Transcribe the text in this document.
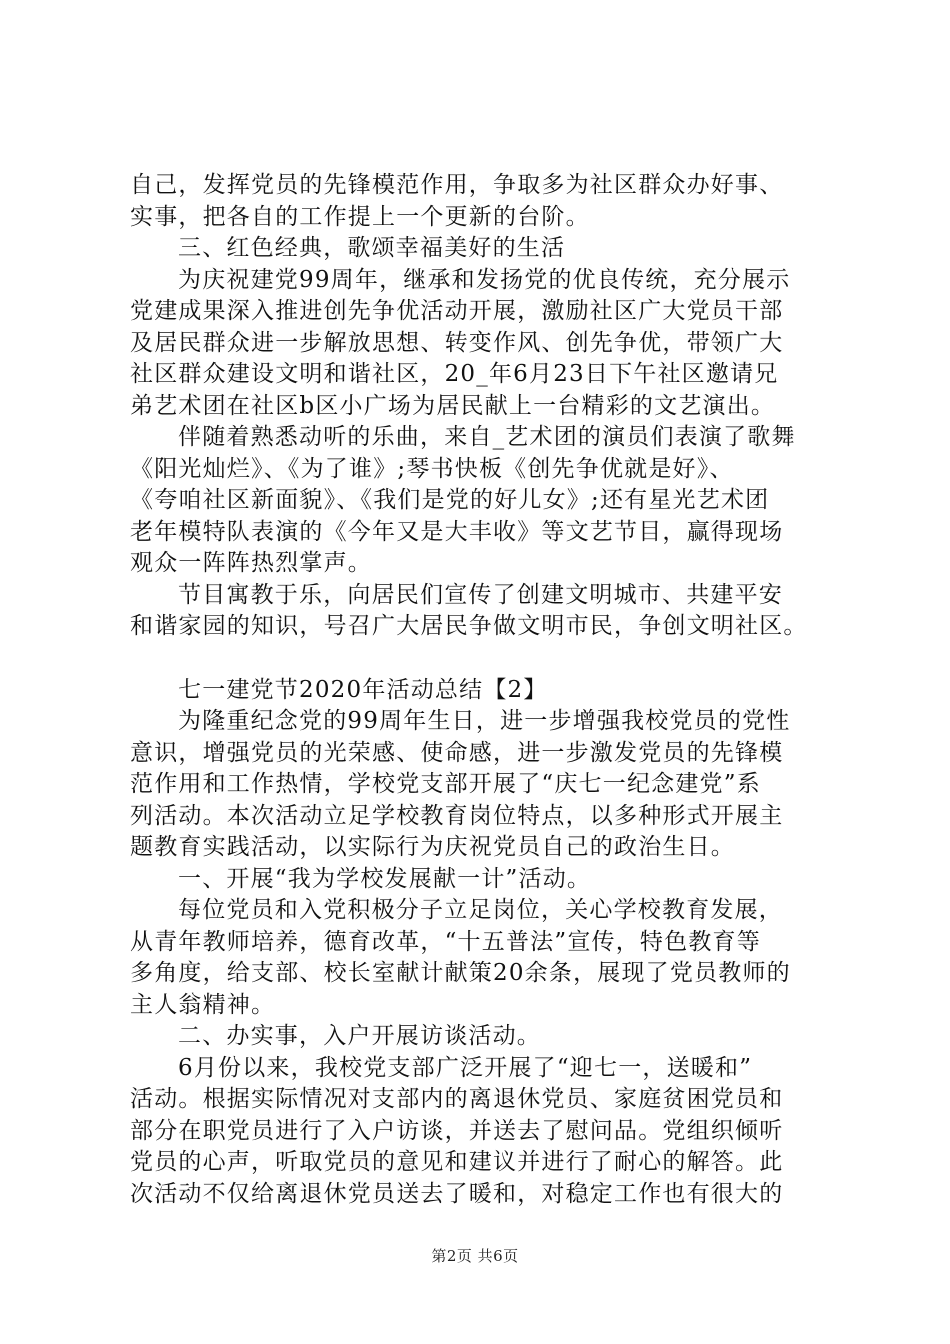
自己，发挥党员的先锋模范作用，争取多为社区群众办好事、
实事，把各自的工作提上一个更新的台阶。
三、红色经典，歌颂幸福美好的生活
为庆祝建党99周年，继承和发扬党的优良传统，充分展示
党建成果深入推进创先争优活动开展，激励社区广大党员干部
及居民群众进一步解放思想、转变作风、创先争优，带领广大
社区群众建设文明和谐社区，20_年6月23日下午社区邀请兄
弟艺术团在社区b区小广场为居民献上一台精彩的文艺演出。
伴随着熟悉动听的乐曲，来自_艺术团的演员们表演了歌舞
《阳光灿烂》、《为了谁》;琴书快板《创先争优就是好》、
《夸咱社区新面貌》、《我们是党的好儿女》;还有星光艺术团
老年模特队表演的《今年又是大丰收》等文艺节目，赢得现场
观众一阵阵热烈掌声。
节目寓教于乐，向居民们宣传了创建文明城市、共建平安
和谐家园的知识，号召广大居民争做文明市民，争创文明社区。
七一建党节2020年活动总结【2】
为隆重纪念党的99周年生日，进一步增强我校党员的党性
意识，增强党员的光荣感、使命感，进一步激发党员的先锋模
范作用和工作热情，学校党支部开展了“庆七一纪念建党”系
列活动。本次活动立足学校教育岗位特点，以多种形式开展主
题教育实践活动，以实际行为庆祝党员自己的政治生日。
一、开展“我为学校发展献一计”活动。
每位党员和入党积极分子立足岗位，关心学校教育发展，
从青年教师培养，德育改革，“十五普法”宣传，特色教育等
多角度，给支部、校长室献计献策20余条，展现了党员教师的
主人翁精神。
二、办实事，入户开展访谈活动。
6月份以来，我校党支部广泛开展了“迎七一，送暖和”
活动。根据实际情况对支部内的离退休党员、家庭贫困党员和
部分在职党员进行了入户访谈，并送去了慰问品。党组织倾听
党员的心声，听取党员的意见和建议并进行了耐心的解答。此
次活动不仅给离退休党员送去了暖和，对稳定工作也有很大的
第2页 共6页
